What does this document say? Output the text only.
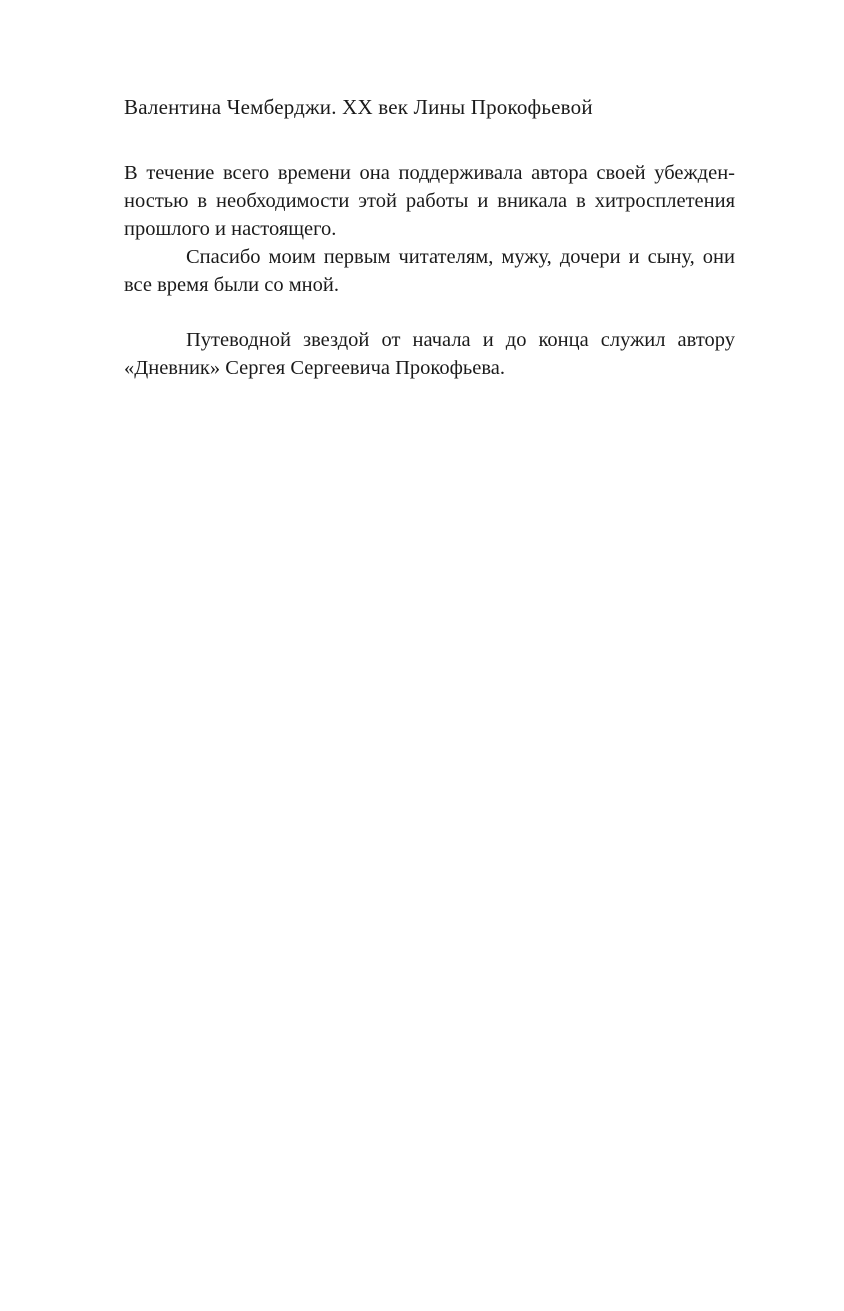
Валентина Чемберджи. XX век Лины Прокофьевой
В течение всего времени она поддерживала автора своей убежден-
ностью в необходимости этой работы и вникала в хитросплетения
прошлого и настоящего.
Спасибо моим первым читателям, мужу, дочери и сыну, они
все время были со мной.
Путеводной звездой от начала и до конца служил автору
«Дневник» Сергея Сергеевича Прокофьева.
